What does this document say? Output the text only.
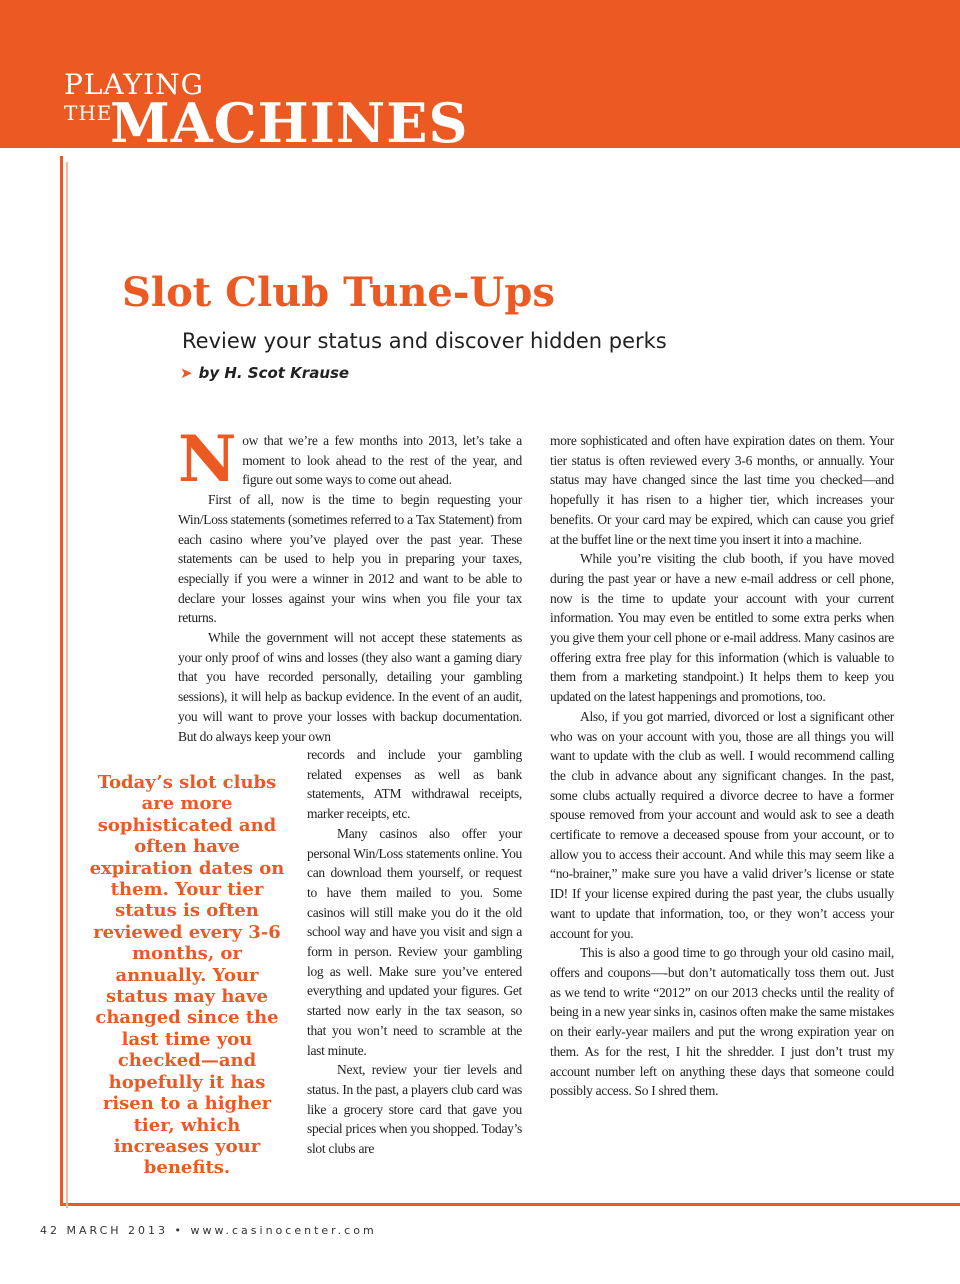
PLAYING
THE
MACHINES
Slot Club Tune-Ups
Review your status and discover hidden perks
➤ by H. Scot Krause

Now that we’re a few months into 2013, let’s take a moment to look ahead to the rest of the year, and figure out some ways to come out ahead.

First of all, now is the time to begin requesting your Win/Loss statements (sometimes referred to a Tax Statement) from each casino where you’ve played over the past year. These statements can be used to help you in preparing your taxes, especially if you were a winner in 2012 and want to be able to declare your losses against your wins when you file your tax returns.

While the government will not accept these statements as your only proof of wins and losses (they also want a gaming diary that you have recorded personally, detailing your gambling sessions), it will help as backup evidence. In the event of an audit, you will want to prove your losses with backup documentation. But do always keep your own

records and include your gambling related expenses as well as bank statements, ATM withdrawal receipts, marker receipts, etc.

Many casinos also offer your personal Win/Loss statements online. You can download them yourself, or request to have them mailed to you. Some casinos will still make you do it the old school way and have you visit and sign a form in person. Review your gambling log as well. Make sure you’ve entered everything and updated your figures. Get started now early in the tax season, so that you won’t need to scramble at the last minute.

Next, review your tier levels and status. In the past, a players club card was like a grocery store card that gave you special prices when you shopped. Today’s slot clubs are

Today’s slot clubs are more sophisticated and often have expiration dates on them. Your tier status is often reviewed every 3-6 months, or annually. Your status may have changed since the last time you checked—and hopefully it has risen to a higher tier, which increases your benefits.

more sophisticated and often have expiration dates on them. Your tier status is often reviewed every 3-6 months, or annually. Your status may have changed since the last time you checked—and hopefully it has risen to a higher tier, which increases your benefits. Or your card may be expired, which can cause you grief at the buffet line or the next time you insert it into a machine.

While you’re visiting the club booth, if you have moved during the past year or have a new e-mail address or cell phone, now is the time to update your account with your current information. You may even be entitled to some extra perks when you give them your cell phone or e-mail address. Many casinos are offering extra free play for this information (which is valuable to them from a marketing standpoint.) It helps them to keep you updated on the latest happenings and promotions, too.

Also, if you got married, divorced or lost a significant other who was on your account with you, those are all things you will want to update with the club as well. I would recommend calling the club in advance about any significant changes. In the past, some clubs actually required a divorce decree to have a former spouse removed from your account and would ask to see a death certificate to remove a deceased spouse from your account, or to allow you to access their account. And while this may seem like a “no-brainer,” make sure you have a valid driver’s license or state ID! If your license expired during the past year, the clubs usually want to update that information, too, or they won’t access your account for you.

This is also a good time to go through your old casino mail, offers and coupons—-but don’t automatically toss them out. Just as we tend to write “2012” on our 2013 checks until the reality of being in a new year sinks in, casinos often make the same mistakes on their early-year mailers and put the wrong expiration year on them. As for the rest, I hit the shredder. I just don’t trust my account number left on anything these days that someone could possibly access. So I shred them.

42 MARCH 2013 • www.casinocenter.com
